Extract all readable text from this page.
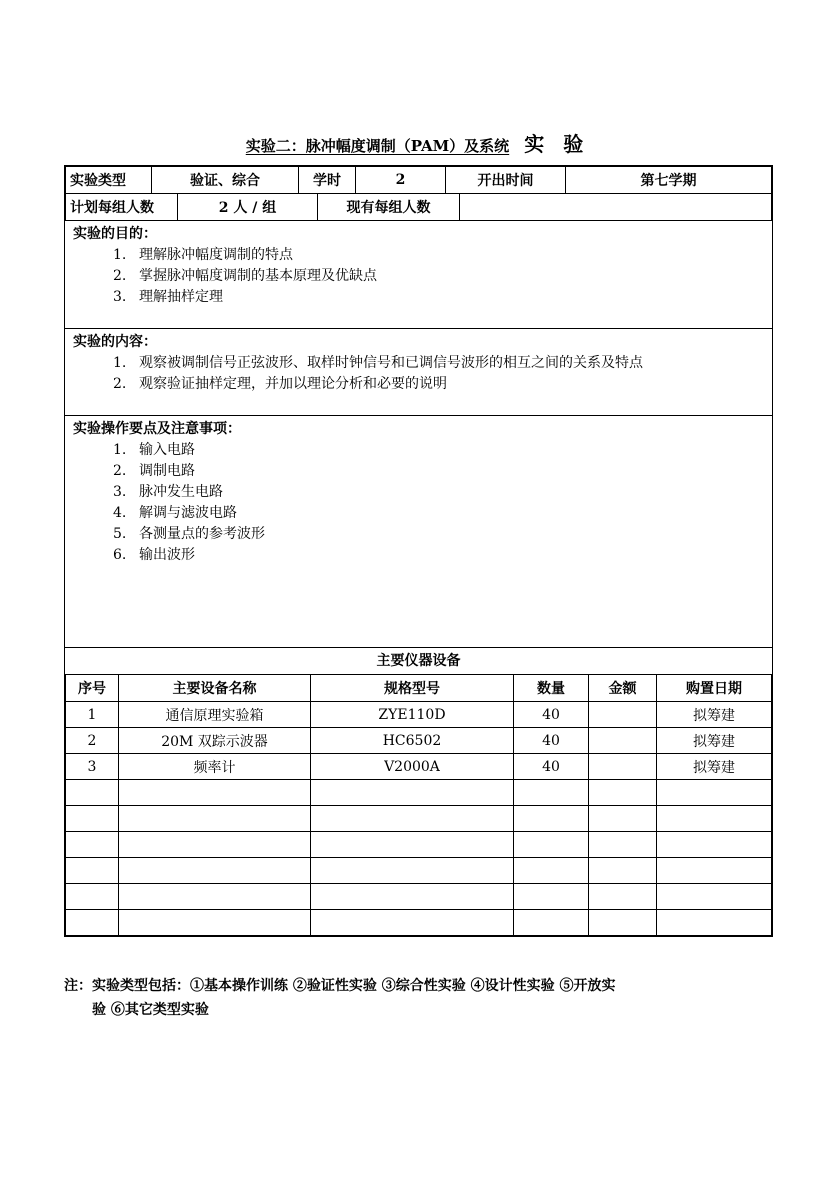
实验二：脉冲幅度调制（PAM）及系统 实 验
实验类型	验证、综合	学时	2	开出时间	第七学期
计划每组人数	2 人 / 组	现有每组人数	
实验的目的：
1. 理解脉冲幅度调制的特点
2. 掌握脉冲幅度调制的基本原理及优缺点
3. 理解抽样定理
实验的内容：
1. 观察被调制信号正弦波形、取样时钟信号和已调信号波形的相互之间的关系及特点
2. 观察验证抽样定理，并加以理论分析和必要的说明
实验操作要点及注意事项：
1. 输入电路
2. 调制电路
3. 脉冲发生电路
4. 解调与滤波电路
5. 各测量点的参考波形
6. 输出波形
主要仪器设备
序号	主要设备名称	规格型号	数量	金额	购置日期
1	通信原理实验箱	ZYE110D	40		拟筹建
2	20M 双踪示波器	HC6502	40		拟筹建
3	频率计	V2000A	40		拟筹建

注：实验类型包括：①基本操作训练 ②验证性实验 ③综合性实验 ④设计性实验 ⑤开放实
验 ⑥其它类型实验
